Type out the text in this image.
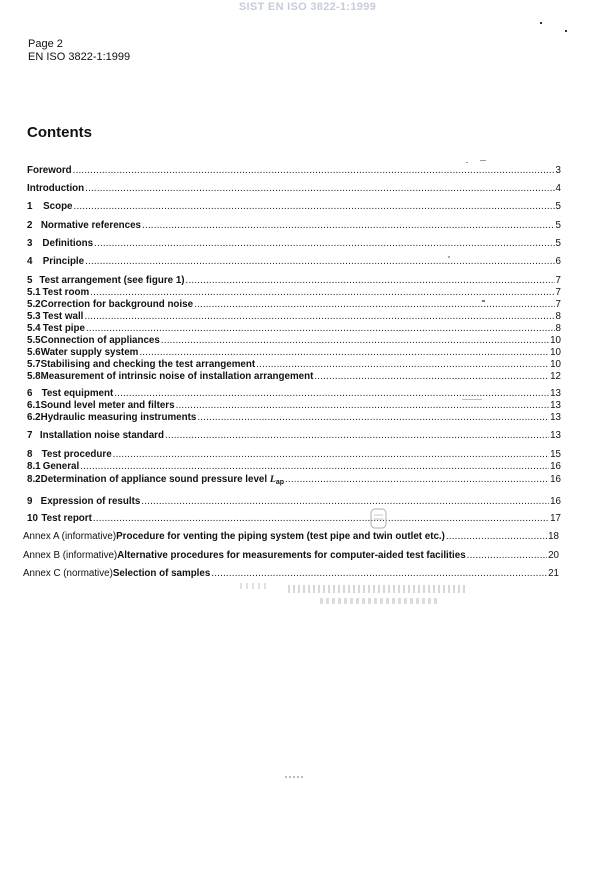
SIST EN ISO 3822-1:1999
Page 2
EN ISO 3822-1:1999
Contents
Foreword .....	3
Introduction .....	4
1	Scope .....	5
2 Normative references .....	5
3	Definitions .....	5
4	Principle .....	6
5 Test arrangement (see figure 1) .....	7
5.1 Test room .....	7
5.2 Correction for background noise .....	7
5.3 Test wall .....	8
5.4 Test pipe .....	8
5.5 Connection of appliances .....	10
5.6 Water supply system .....	10
5.7 Stabilising and checking the test arrangement .....	10
5.8 Measurement of intrinsic noise of installation arrangement .....	12
6 Test equipment .....	13
6.1 Sound level meter and filters .....	13
6.2 Hydraulic measuring instruments .....	13
7 Installation noise standard .....	13
8 Test procedure .....	15
8.1 General .....	16
8.2 Determination of appliance sound pressure level $L_{ap}$ .....	16
9 Expression of results .....	16
10 Test report .....	17
Annex A (informative) Procedure for venting the piping system (test pipe and twin outlet etc.) .....	18
Annex B (informative) Alternative procedures for measurements for computer-aided test facilities .....	20
Annex C (normative) Selection of samples .....	21
